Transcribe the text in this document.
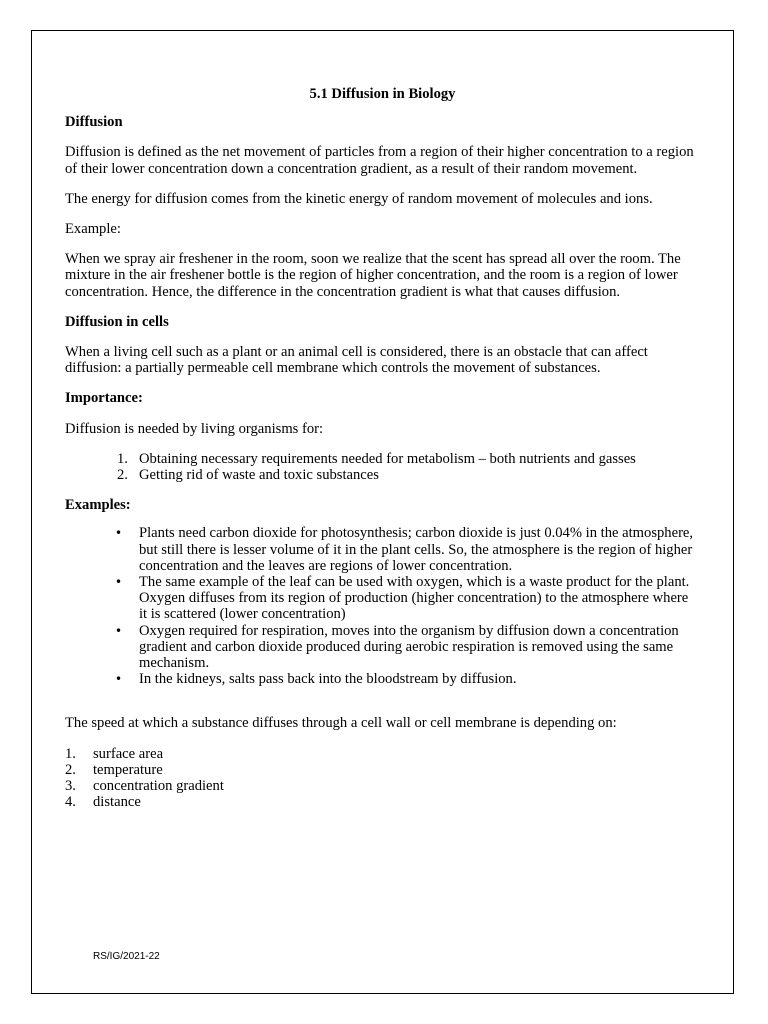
5.1 Diffusion in Biology
Diffusion

Diffusion is defined as the net movement of particles from a region of their higher concentration to a region of their lower concentration down a concentration gradient, as a result of their random movement.

The energy for diffusion comes from the kinetic energy of random movement of molecules and ions.

Example:

When we spray air freshener in the room, soon we realize that the scent has spread all over the room. The mixture in the air freshener bottle is the region of higher concentration, and the room is a region of lower concentration. Hence, the difference in the concentration gradient is what that causes diffusion.

Diffusion in cells

When a living cell such as a plant or an animal cell is considered, there is an obstacle that can affect diffusion: a partially permeable cell membrane which controls the movement of substances.

Importance:

Diffusion is needed by living organisms for:

1. Obtaining necessary requirements needed for metabolism – both nutrients and gasses
2. Getting rid of waste and toxic substances
Examples:
• Plants need carbon dioxide for photosynthesis; carbon dioxide is just 0.04% in the atmosphere, but still there is lesser volume of it in the plant cells. So, the atmosphere is the region of higher concentration and the leaves are regions of lower concentration.
• The same example of the leaf can be used with oxygen, which is a waste product for the plant. Oxygen diffuses from its region of production (higher concentration) to the atmosphere where it is scattered (lower concentration)
• Oxygen required for respiration, moves into the organism by diffusion down a concentration gradient and carbon dioxide produced during aerobic respiration is removed using the same mechanism.
• In the kidneys, salts pass back into the bloodstream by diffusion.

The speed at which a substance diffuses through a cell wall or cell membrane is depending on:

1. surface area
2. temperature
3. concentration gradient
4. distance
RS/IG/2021-22
